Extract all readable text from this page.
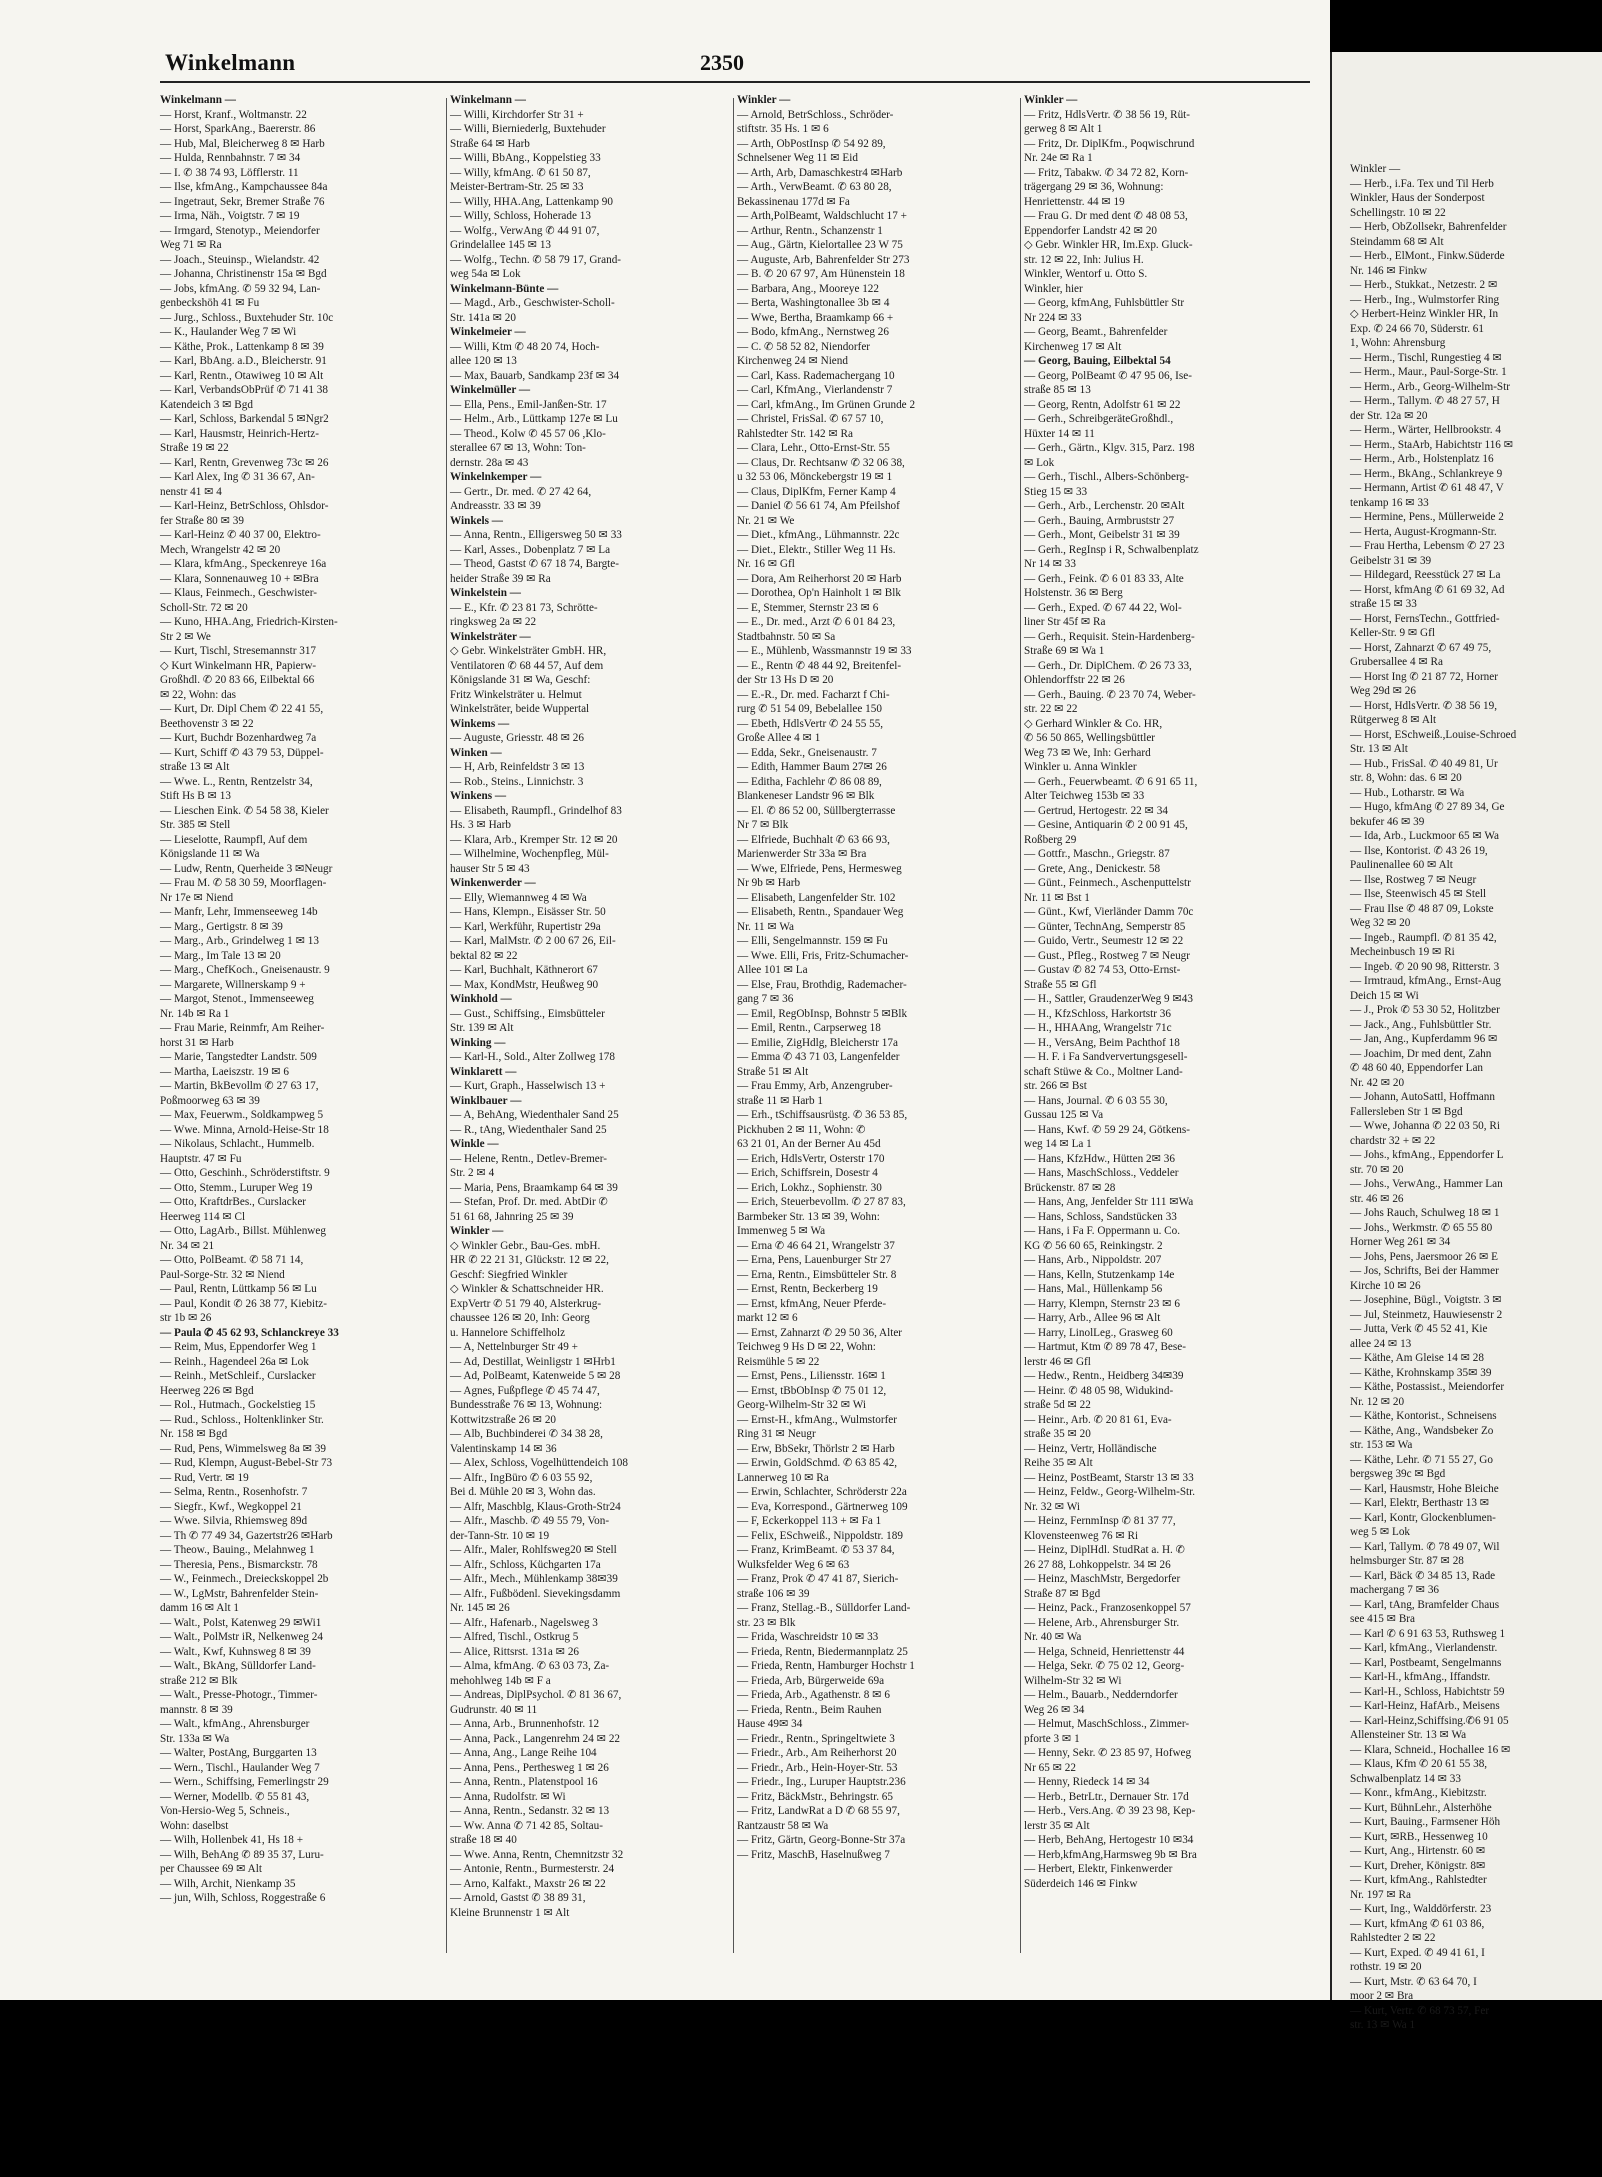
Winkelmann	2350
Winkelmann —
— Horst, Kranf., Woltmanstr. 22
— Horst, SparkAng., Baererstr. 86
— Hub, Mal, Bleicherweg 8 ✉ Harb
— Hulda, Rennbahnstr. 7 ✉ 34
— I. ✆ 38 74 93, Löfflerstr. 11
— Ilse, kfmAng., Kampchaussee 84a
— Ingetraut, Sekr, Bremer Straße 76
— Irma, Näh., Voigtstr. 7 ✉ 19
— Irmgard, Stenotyp., Meiendorfer
Weg 71 ✉ Ra
— Joach., Steuinsp., Wielandstr. 42
— Johanna, Christinenstr 15a ✉ Bgd
— Jobs, kfmAng. ✆ 59 32 94, Lan-
genbeckshöh 41 ✉ Fu
— Jurg., Schloss., Buxtehuder Str. 10c
— K., Haulander Weg 7 ✉ Wi
— Käthe, Prok., Lattenkamp 8 ✉ 39
— Karl, BbAng. a.D., Bleicherstr. 91
— Karl, Rentn., Otawiweg 10 ✉ Alt
— Karl, VerbandsObPrüf ✆ 71 41 38
Katendeich 3 ✉ Bgd
— Karl, Schloss, Barkendal 5 ✉Ngr2
— Karl, Hausmstr, Heinrich-Hertz-
Straße 19 ✉ 22
— Karl, Rentn, Grevenweg 73c ✉ 26
— Karl Alex, Ing ✆ 31 36 67, An-
nenstr 41 ✉ 4
— Karl-Heinz, BetrSchloss, Ohlsdor-
fer Straße 80 ✉ 39
— Karl-Heinz ✆ 40 37 00, Elektro-
Mech, Wrangelstr 42 ✉ 20
— Klara, kfmAng., Speckenreye 16a
— Klara, Sonnenauweg 10 + ✉Bra
— Klaus, Feinmech., Geschwister-
Scholl-Str. 72 ✉ 20
— Kuno, HHA.Ang, Friedrich-Kirsten-
Str 2 ✉ We
— Kurt, Tischl, Stresemannstr 317
◇ Kurt Winkelmann HR, Papierw-
Großhdl. ✆ 20 83 66, Eilbektal 66
✉ 22, Wohn: das
— Kurt, Dr. Dipl Chem ✆ 22 41 55,
Beethovenstr 3 ✉ 22
— Kurt, Buchdr Bozenhardweg 7a
— Kurt, Schiff ✆ 43 79 53, Düppel-
straße 13 ✉ Alt
— Wwe. L., Rentn, Rentzelstr 34,
Stift Hs B ✉ 13
— Lieschen Eink. ✆ 54 58 38, Kieler
Str. 385 ✉ Stell
— Lieselotte, Raumpfl, Auf dem
Königslande 11 ✉ Wa
— Ludw, Rentn, Querheide 3 ✉Neugr
— Frau M. ✆ 58 30 59, Moorflagen-
Nr 17e ✉ Niend
— Manfr, Lehr, Immenseeweg 14b
— Marg., Gertigstr. 8 ✉ 39
— Marg., Arb., Grindelweg 1 ✉ 13
— Marg., Im Tale 13 ✉ 20
— Marg., ChefKoch., Gneisenaustr. 9
— Margarete, Willnerskamp 9 +
— Margot, Stenot., Immenseeweg
Nr. 14b ✉ Ra 1
— Frau Marie, Reinmfr, Am Reiher-
horst 31 ✉ Harb
— Marie, Tangstedter Landstr. 509
— Martha, Laeiszstr. 19 ✉ 6
— Martin, BkBevollm ✆ 27 63 17,
Poßmoorweg 63 ✉ 39
— Max, Feuerwm., Soldkampweg 5
— Wwe. Minna, Arnold-Heise-Str 18
— Nikolaus, Schlacht., Hummelb.
Hauptstr. 47 ✉ Fu
— Otto, Geschinh., Schröderstiftstr. 9
— Otto, Stemm., Luruper Weg 19
— Otto, KraftdrBes., Curslacker
Heerweg 114 ✉ Cl
— Otto, LagArb., Billst. Mühlenweg
Nr. 34 ✉ 21
— Otto, PolBeamt. ✆ 58 71 14,
Paul-Sorge-Str. 32 ✉ Niend
— Paul, Rentn, Lüttkamp 56 ✉ Lu
— Paul, Kondit ✆ 26 38 77, Kiebitz-
str 1b ✉ 26
— Paula ✆ 45 62 93, Schlanckreye 33
— Reim, Mus, Eppendorfer Weg 1
— Reinh., Hagendeel 26a ✉ Lok
— Reinh., MetSchleif., Curslacker
Heerweg 226 ✉ Bgd
— Rol., Hutmach., Gockelstieg 15
— Rud., Schloss., Holtenklinker Str.
Nr. 158 ✉ Bgd
— Rud, Pens, Wimmelsweg 8a ✉ 39
— Rud, Klempn, August-Bebel-Str 73
— Rud, Vertr. ✉ 19
— Selma, Rentn., Rosenhofstr. 7
— Siegfr., Kwf., Wegkoppel 21
— Wwe. Silvia, Rhiemsweg 89d
— Th ✆ 77 49 34, Gazertstr26 ✉Harb
— Theow., Bauing., Melahnweg 1
— Theresia, Pens., Bismarckstr. 78
— W., Feinmech., Dreieckskoppel 2b
— W., LgMstr, Bahrenfelder Stein-
damm 16 ✉ Alt 1
— Walt., Polst, Katenweg 29 ✉Wi1
— Walt., PolMstr iR, Nelkenweg 24
— Walt., Kwf, Kuhnsweg 8 ✉ 39
— Walt., BkAng, Sülldorfer Land-
straße 212 ✉ Blk
— Walt., Presse-Photogr., Timmer-
mannstr. 8 ✉ 39
— Walt., kfmAng., Ahrensburger
Str. 133a ✉ Wa
— Walter, PostAng, Burggarten 13
— Wern., Tischl., Haulander Weg 7
— Wern., Schiffsing, Femerlingstr 29
— Werner, Modellb. ✆ 55 81 43,
Von-Hersio-Weg 5, Schneis.,
Wohn: daselbst
— Wilh, Hollenbek 41, Hs 18 +
— Wilh, BehAng ✆ 89 35 37, Luru-
per Chaussee 69 ✉ Alt
— Wilh, Archit, Nienkamp 35
— jun, Wilh, Schloss, Roggestraße 6
Winkelmann —
— Willi, Kirchdorfer Str 31 +
— Willi, Bierniederlg, Buxtehuder
Straße 64 ✉ Harb
— Willi, BbAng., Koppelstieg 33
— Willy, kfmAng. ✆ 61 50 87,
Meister-Bertram-Str. 25 ✉ 33
— Willy, HHA.Ang, Lattenkamp 90
— Willy, Schloss, Hoherade 13
— Wolfg., VerwAng ✆ 44 91 07,
Grindelallee 145 ✉ 13
— Wolfg., Techn. ✆ 58 79 17, Grand-
weg 54a ✉ Lok
Winkelmann-Bünte —
— Magd., Arb., Geschwister-Scholl-
Str. 141a ✉ 20
Winkelmeier —
— Willi, Ktm ✆ 48 20 74, Hoch-
allee 120 ✉ 13
— Max, Bauarb, Sandkamp 23f ✉ 34
Winkelmüller —
— Ella, Pens., Emil-Janßen-Str. 17
— Helm., Arb., Lüttkamp 127e ✉ Lu
— Theod., Kolw ✆ 45 57 06 ,Klo-
sterallee 67 ✉ 13, Wohn: Ton-
dernstr. 28a ✉ 43
Winkelnkemper —
— Gertr., Dr. med. ✆ 27 42 64,
Andreasstr. 33 ✉ 39
Winkels —
— Anna, Rentn., Elligersweg 50 ✉ 33
— Karl, Asses., Dobenplatz 7 ✉ La
— Theod, Gastst ✆ 67 18 74, Bargte-
heider Straße 39 ✉ Ra
Winkelstein —
— E., Kfr. ✆ 23 81 73, Schrötte-
ringksweg 2a ✉ 22
Winkelsträter —
◇ Gebr. Winkelsträter GmbH. HR,
Ventilatoren ✆ 68 44 57, Auf dem
Königslande 31 ✉ Wa, Geschf:
Fritz Winkelsträter u. Helmut
Winkelsträter, beide Wuppertal
Winkems —
— Auguste, Griesstr. 48 ✉ 26
Winken —
— H, Arb, Reinfeldstr 3 ✉ 13
— Rob., Steins., Linnichstr. 3
Winkens —
— Elisabeth, Raumpfl., Grindelhof 83
Hs. 3 ✉ Harb
— Klara, Arb., Kremper Str. 12 ✉ 20
— Wilhelmine, Wochenpfleg, Mül-
hauser Str 5 ✉ 43
Winkenwerder —
— Elly, Wiemannweg 4 ✉ Wa
— Hans, Klempn., Eisässer Str. 50
— Karl, Werkführ, Rupertistr 29a
— Karl, MalMstr. ✆ 2 00 67 26, Eil-
bektal 82 ✉ 22
— Karl, Buchhalt, Käthnerort 67
— Max, KondMstr, Heußweg 90
Winkhold —
— Gust., Schiffsing., Eimsbütteler
Str. 139 ✉ Alt
Winking —
— Karl-H., Sold., Alter Zollweg 178
Winklarett —
— Kurt, Graph., Hasselwisch 13 +
Winklbauer —
— A, BehAng, Wiedenthaler Sand 25
— R., tAng, Wiedenthaler Sand 25
Winkle —
— Helene, Rentn., Detlev-Bremer-
Str. 2 ✉ 4
— Maria, Pens, Braamkamp 64 ✉ 39
— Stefan, Prof. Dr. med. AbtDir ✆
51 61 68, Jahnring 25 ✉ 39
Winkler —
◇ Winkler Gebr., Bau-Ges. mbH.
HR ✆ 22 21 31, Glückstr. 12 ✉ 22,
Geschf: Siegfried Winkler
◇ Winkler & Schattschneider HR.
ExpVertr ✆ 51 79 40, Alsterkrug-
chaussee 126 ✉ 20, Inh: Georg
u. Hannelore Schiffelholz
— A, Nettelnburger Str 49 +
— Ad, Destillat, Weinligstr 1 ✉Hrb1
— Ad, PolBeamt, Katenweide 5 ✉ 28
— Agnes, Fußpflege ✆ 45 74 47,
Bundesstraße 76 ✉ 13, Wohnung:
Kottwitzstraße 26 ✉ 20
— Alb, Buchbinderei ✆ 34 38 28,
Valentinskamp 14 ✉ 36
— Alex, Schloss, Vogelhüttendeich 108
— Alfr., IngBüro ✆ 6 03 55 92,
Bei d. Mühle 20 ✉ 3, Wohn das.
— Alfr, Maschblg, Klaus-Groth-Str24
— Alfr., Maschb. ✆ 49 55 79, Von-
der-Tann-Str. 10 ✉ 19
— Alfr., Maler, Rohlfsweg20 ✉ Stell
— Alfr., Schloss, Küchgarten 17a
— Alfr., Mech., Mühlenkamp 38✉39
— Alfr., Fußbödenl. Sievekingsdamm
Nr. 145 ✉ 26
— Alfr., Hafenarb., Nagelsweg 3
— Alfred, Tischl., Ostkrug 5
— Alice, Rittsrst. 131a ✉ 26
— Alma, kfmAng. ✆ 63 03 73, Za-
mehohlweg 14b ✉ F a
— Andreas, DiplPsychol. ✆ 81 36 67,
Gudrunstr. 40 ✉ 11
— Anna, Arb., Brunnenhofstr. 12
— Anna, Pack., Langenrehm 24 ✉ 22
— Anna, Ang., Lange Reihe 104
— Anna, Pens., Perthesweg 1 ✉ 26
— Anna, Rentn., Platenstpool 16
— Anna, Rudolfstr. ✉ Wi
— Anna, Rentn., Sedanstr. 32 ✉ 13
— Ww. Anna ✆ 71 42 85, Soltau-
straße 18 ✉ 40
— Wwe. Anna, Rentn, Chemnitzstr 32
— Antonie, Rentn., Burmesterstr. 24
— Arno, Kalfakt., Maxstr 26 ✉ 22
— Arnold, Gastst ✆ 38 89 31,
Kleine Brunnenstr 1 ✉ Alt
Winkler —
— Arnold, BetrSchloss., Schröder-
stiftstr. 35 Hs. 1 ✉ 6
— Arth, ObPostInsp ✆ 54 92 89,
Schnelsener Weg 11 ✉ Eid
— Arth, Arb, Damaschkestr4 ✉Harb
— Arth., VerwBeamt. ✆ 63 80 28,
Bekassinenau 177d ✉ Fa
— Arth,PolBeamt, Waldschlucht 17 +
— Arthur, Rentn., Schanzenstr 1
— Aug., Gärtn, Kielortallee 23 W 75
— Auguste, Arb, Bahrenfelder Str 273
— B. ✆ 20 67 97, Am Hünenstein 18
— Barbara, Ang., Mooreye 122
— Berta, Washingtonallee 3b ✉ 4
— Wwe, Bertha, Braamkamp 66 +
— Bodo, kfmAng., Nernstweg 26
— C. ✆ 58 52 82, Niendorfer
Kirchenweg 24 ✉ Niend
— Carl, Kass. Rademachergang 10
— Carl, KfmAng., Vierlandenstr 7
— Carl, kfmAng., Im Grünen Grunde 2
— Christel, FrisSal. ✆ 67 57 10,
Rahlstedter Str. 142 ✉ Ra
— Clara, Lehr., Otto-Ernst-Str. 55
— Claus, Dr. Rechtsanw ✆ 32 06 38,
u 32 53 06, Mönckebergstr 19 ✉ 1
— Claus, DiplKfm, Ferner Kamp 4
— Daniel ✆ 56 61 74, Am Pfeilshof
Nr. 21 ✉ We
— Diet., kfmAng., Lühmannstr. 22c
— Diet., Elektr., Stiller Weg 11 Hs.
Nr. 16 ✉ Gfl
— Dora, Am Reiherhorst 20 ✉ Harb
— Dorothea, Op'n Hainholt 1 ✉ Blk
— E, Stemmer, Sternstr 23 ✉ 6
— E., Dr. med., Arzt ✆ 6 01 84 23,
Stadtbahnstr. 50 ✉ Sa
— E., Mühlenb, Wassmannstr 19 ✉ 33
— E., Rentn ✆ 48 44 92, Breitenfel-
der Str 13 Hs D ✉ 20
— E.-R., Dr. med. Facharzt f Chi-
rurg ✆ 51 54 09, Bebelallee 150
— Ebeth, HdlsVertr ✆ 24 55 55,
Große Allee 4 ✉ 1
— Edda, Sekr., Gneisenaustr. 7
— Edith, Hammer Baum 27✉ 26
— Editha, Fachlehr ✆ 86 08 89,
Blankeneser Landstr 96 ✉ Blk
— El. ✆ 86 52 00, Süllbergterrasse
Nr 7 ✉ Blk
— Elfriede, Buchhalt ✆ 63 66 93,
Marienwerder Str 33a ✉ Bra
— Wwe, Elfriede, Pens, Hermesweg
Nr 9b ✉ Harb
— Elisabeth, Langenfelder Str. 102
— Elisabeth, Rentn., Spandauer Weg
Nr. 11 ✉ Wa
— Elli, Sengelmannstr. 159 ✉ Fu
— Wwe. Elli, Fris, Fritz-Schumacher-
Allee 101 ✉ La
— Else, Frau, Brothdig, Rademacher-
gang 7 ✉ 36
— Emil, RegObInsp, Bohnstr 5 ✉Blk
— Emil, Rentn., Carpserweg 18
— Emilie, ZigHdlg, Bleicherstr 17a
— Emma ✆ 43 71 03, Langenfelder
Straße 51 ✉ Alt
— Frau Emmy, Arb, Anzengruber-
straße 11 ✉ Harb 1
— Erh., tSchiffsausrüstg. ✆ 36 53 85,
Pickhuben 2 ✉ 11, Wohn: ✆
63 21 01, An der Berner Au 45d
— Erich, HdlsVertr, Osterstr 170
— Erich, Schiffsrein, Dosestr 4
— Erich, Lokhz., Sophienstr. 30
— Erich, Steuerbevollm. ✆ 27 87 83,
Barmbeker Str. 13 ✉ 39, Wohn:
Immenweg 5 ✉ Wa
— Erna ✆ 46 64 21, Wrangelstr 37
— Erna, Pens, Lauenburger Str 27
— Erna, Rentn., Eimsbütteler Str. 8
— Ernst, Rentn, Beckerberg 19
— Ernst, kfmAng, Neuer Pferde-
markt 12 ✉ 6
— Ernst, Zahnarzt ✆ 29 50 36, Alter
Teichweg 9 Hs D ✉ 22, Wohn:
Reismühle 5 ✉ 22
— Ernst, Pens., Liliensstr. 16✉ 1
— Ernst, tBbObInsp ✆ 75 01 12,
Georg-Wilhelm-Str 32 ✉ Wi
— Ernst-H., kfmAng., Wulmstorfer
Ring 31 ✉ Neugr
— Erw, BbSekr, Thörlstr 2 ✉ Harb
— Erwin, GoldSchmd. ✆ 63 85 42,
Lannerweg 10 ✉ Ra
— Erwin, Schlachter, Schröderstr 22a
— Eva, Korrespond., Gärtnerweg 109
— F, Eckerkoppel 113 + ✉ Fa 1
— Felix, ESchweiß., Nippoldstr. 189
— Franz, KrimBeamt. ✆ 53 37 84,
Wulksfelder Weg 6 ✉ 63
— Franz, Prok ✆ 47 41 87, Sierich-
straße 106 ✉ 39
— Franz, Stellag.-B., Sülldorfer Land-
str. 23 ✉ Blk
— Frida, Waschreidstr 10 ✉ 33
— Frieda, Rentn, Biedermannplatz 25
— Frieda, Rentn, Hamburger Hochstr 1
— Frieda, Arb, Bürgerweide 69a
— Frieda, Arb., Agathenstr. 8 ✉ 6
— Frieda, Rentn., Beim Rauhen
Hause 49✉ 34
— Friedr., Rentn., Springeltwiete 3
— Friedr., Arb., Am Reiherhorst 20
— Friedr., Arb., Hein-Hoyer-Str. 53
— Friedr., Ing., Luruper Hauptstr.236
— Fritz, BäckMstr., Behringstr. 65
— Fritz, LandwRat a D ✆ 68 55 97,
Rantzaustr 58 ✉ Wa
— Fritz, Gärtn, Georg-Bonne-Str 37a
— Fritz, MaschB, Haselnußweg 7
Winkler —
— Fritz, HdlsVertr. ✆ 38 56 19, Rüt-
gerweg 8 ✉ Alt 1
— Fritz, Dr. DiplKfm., Poqwischrund
Nr. 24e ✉ Ra 1
— Fritz, Tabakw. ✆ 34 72 82, Korn-
trägergang 29 ✉ 36, Wohnung:
Henriettenstr. 44 ✉ 19
— Frau G. Dr med dent ✆ 48 08 53,
Eppendorfer Landstr 42 ✉ 20
◇ Gebr. Winkler HR, Im.Exp. Gluck-
str. 12 ✉ 22, Inh: Julius H.
Winkler, Wentorf u. Otto S.
Winkler, hier
— Georg, kfmAng, Fuhlsbüttler Str
Nr 224 ✉ 33
— Georg, Beamt., Bahrenfelder
Kirchenweg 17 ✉ Alt
— Georg, Bauing, Eilbektal 54
— Georg, PolBeamt ✆ 47 95 06, Ise-
straße 85 ✉ 13
— Georg, Rentn, Adolfstr 61 ✉ 22
— Gerh., SchreibgeräteGroßhdl.,
Hüxter 14 ✉ 11
— Gerh., Gärtn., Klgv. 315, Parz. 198
✉ Lok
— Gerh., Tischl., Albers-Schönberg-
Stieg 15 ✉ 33
— Gerh., Arb., Lerchenstr. 20 ✉Alt
— Gerh., Bauing, Armbruststr 27
— Gerh., Mont, Geibelstr 31 ✉ 39
— Gerh., RegInsp i R, Schwalbenplatz
Nr 14 ✉ 33
— Gerh., Feink. ✆ 6 01 83 33, Alte
Holstenstr. 36 ✉ Berg
— Gerh., Exped. ✆ 67 44 22, Wol-
liner Str 45f ✉ Ra
— Gerh., Requisit. Stein-Hardenberg-
Straße 69 ✉ Wa 1
— Gerh., Dr. DiplChem. ✆ 26 73 33,
Ohlendorffstr 22 ✉ 26
— Gerh., Bauing. ✆ 23 70 74, Weber-
str. 22 ✉ 22
◇ Gerhard Winkler & Co. HR,
✆ 56 50 865, Wellingsbüttler
Weg 73 ✉ We, Inh: Gerhard
Winkler u. Anna Winkler
— Gerh., Feuerwbeamt. ✆ 6 91 65 11,
Alter Teichweg 153b ✉ 33
— Gertrud, Hertogestr. 22 ✉ 34
— Gesine, Antiquarin ✆ 2 00 91 45,
Roßberg 29
— Gottfr., Maschn., Griegstr. 87
— Grete, Ang., Denickestr. 58
— Günt., Feinmech., Aschenputtelstr
Nr. 11 ✉ Bst 1
— Günt., Kwf, Vierländer Damm 70c
— Günter, TechnAng, Semperstr 85
— Guido, Vertr., Seumestr 12 ✉ 22
— Gust., Pfleg., Rostweg 7 ✉ Neugr
— Gustav ✆ 82 74 53, Otto-Ernst-
Straße 55 ✉ Gfl
— H., Sattler, GraudenzerWeg 9 ✉43
— H., KfzSchloss, Harkortstr 36
— H., HHAAng, Wrangelstr 71c
— H., VersAng, Beim Pachthof 18
— H. F. i Fa Sandververtungsgesell-
schaft Stüwe & Co., Moltner Land-
str. 266 ✉ Bst
— Hans, Journal. ✆ 6 03 55 30,
Gussau 125 ✉ Va
— Hans, Kwf. ✆ 59 29 24, Götkens-
weg 14 ✉ La 1
— Hans, KfzHdw., Hütten 2✉ 36
— Hans, MaschSchloss., Veddeler
Brückenstr. 87 ✉ 28
— Hans, Ang, Jenfelder Str 111 ✉Wa
— Hans, Schloss, Sandstücken 33
— Hans, i Fa F. Oppermann u. Co.
KG ✆ 56 60 65, Reinkingstr. 2
— Hans, Arb., Nippoldstr. 207
— Hans, Kelln, Stutzenkamp 14e
— Hans, Mal., Hüllenkamp 56
— Harry, Klempn, Sternstr 23 ✉ 6
— Harry, Arb., Allee 96 ✉ Alt
— Harry, LinolLeg., Grasweg 60
— Hartmut, Ktm ✆ 89 78 47, Bese-
lerstr 46 ✉ Gfl
— Hedw., Rentn., Heidberg 34✉39
— Heinr. ✆ 48 05 98, Widukind-
straße 5d ✉ 22
— Heinr., Arb. ✆ 20 81 61, Eva-
straße 35 ✉ 20
— Heinz, Vertr, Holländische
Reihe 35 ✉ Alt
— Heinz, PostBeamt, Starstr 13 ✉ 33
— Heinz, Feldw., Georg-Wilhelm-Str.
Nr. 32 ✉ Wi
— Heinz, FernmInsp ✆ 81 37 77,
Klovensteenweg 76 ✉ Ri
— Heinz, DiplHdl. StudRat a. H. ✆
26 27 88, Lohkoppelstr. 34 ✉ 26
— Heinz, MaschMstr, Bergedorfer
Straße 87 ✉ Bgd
— Heinz, Pack., Franzosenkoppel 57
— Helene, Arb., Ahrensburger Str.
Nr. 40 ✉ Wa
— Helga, Schneid, Henriettenstr 44
— Helga, Sekr. ✆ 75 02 12, Georg-
Wilhelm-Str 32 ✉ Wi
— Helm., Bauarb., Nedderndorfer
Weg 26 ✉ 34
— Helmut, MaschSchloss., Zimmer-
pforte 3 ✉ 1
— Henny, Sekr. ✆ 23 85 97, Hofweg
Nr 65 ✉ 22
— Henny, Riedeck 14 ✉ 34
— Herb., BetrLtr., Dernauer Str. 17d
— Herb., Vers.Ang. ✆ 39 23 98, Kep-
lerstr 35 ✉ Alt
— Herb, BehAng, Hertogestr 10 ✉34
— Herb,kfmAng,Harmsweg 9b ✉ Bra
— Herbert, Elektr, Finkenwerder
Süderdeich 146 ✉ Finkw
Winkler —
— Herb., i.Fa. Tex und Til Herb
Winkler, Haus der Sonderpost
Schellingstr. 10 ✉ 22
— Herb, ObZollsekr, Bahrenfelder
Steindamm 68 ✉ Alt
— Herb., ElMont., Finkw.Süderde
Nr. 146 ✉ Finkw
— Herb., Stukkat., Netzestr. 2 ✉
— Herb., Ing., Wulmstorfer Ring
◇ Herbert-Heinz Winkler HR, In
Exp. ✆ 24 66 70, Süderstr. 61
1, Wohn: Ahrensburg
— Herm., Tischl, Rungestieg 4 ✉
— Herm., Maur., Paul-Sorge-Str. 1
— Herm., Arb., Georg-Wilhelm-Str
— Herm., Tallym. ✆ 48 27 57, H
der Str. 12a ✉ 20
— Herm., Wärter, Hellbrookstr. 4
— Herm., StaArb, Habichtstr 116 ✉
— Herm., Arb., Holstenplatz 16
— Herm., BkAng., Schlankreye 9
— Hermann, Artist ✆ 61 48 47, V
tenkamp 16 ✉ 33
— Hermine, Pens., Müllerweide 2
— Herta, August-Krogmann-Str.
— Frau Hertha, Lebensm ✆ 27 23
Geibelstr 31 ✉ 39
— Hildegard, Reesstück 27 ✉ La
— Horst, kfmAng ✆ 61 69 32, Ad
straße 15 ✉ 33
— Horst, FernsTechn., Gottfried-
Keller-Str. 9 ✉ Gfl
— Horst, Zahnarzt ✆ 67 49 75,
Grubersallee 4 ✉ Ra
— Horst Ing ✆ 21 87 72, Horner
Weg 29d ✉ 26
— Horst, HdlsVertr. ✆ 38 56 19,
Rütgerweg 8 ✉ Alt
— Horst, ESchweiß.,Louise-Schroed
Str. 13 ✉ Alt
— Hub., FrisSal. ✆ 40 49 81, Ur
str. 8, Wohn: das. 6 ✉ 20
— Hub., Lotharstr. ✉ Wa
— Hugo, kfmAng ✆ 27 89 34, Ge
bekufer 46 ✉ 39
— Ida, Arb., Luckmoor 65 ✉ Wa
— Ilse, Kontorist. ✆ 43 26 19,
Paulinenallee 60 ✉ Alt
— Ilse, Rostweg 7 ✉ Neugr
— Ilse, Steenwisch 45 ✉ Stell
— Frau Ilse ✆ 48 87 09, Lokste
Weg 32 ✉ 20
— Ingeb., Raumpfl. ✆ 81 35 42,
Mecheinbusch 19 ✉ Ri
— Ingeb. ✆ 20 90 98, Ritterstr. 3
— Irmtraud, kfmAng., Ernst-Aug
Deich 15 ✉ Wi
— J., Prok ✆ 53 30 52, Holitzber
— Jack., Ang., Fuhlsbüttler Str.
— Jan, Ang., Kupferdamm 96 ✉
— Joachim, Dr med dent, Zahn
✆ 48 60 40, Eppendorfer Lan
Nr. 42 ✉ 20
— Johann, AutoSattl, Hoffmann
Fallersleben Str 1 ✉ Bgd
— Wwe, Johanna ✆ 22 03 50, Ri
chardstr 32 + ✉ 22
— Johs., kfmAng., Eppendorfer L
str. 70 ✉ 20
— Johs., VerwAng., Hammer Lan
str. 46 ✉ 26
— Johs Rauch, Schulweg 18 ✉ 1
— Johs., Werkmstr. ✆ 65 55 80
Horner Weg 261 ✉ 34
— Johs, Pens, Jaersmoor 26 ✉ E
— Jos, Schrifts, Bei der Hammer
Kirche 10 ✉ 26
— Josephine, Bügl., Voigtstr. 3 ✉
— Jul, Steinmetz, Hauwiesenstr 2
— Jutta, Verk ✆ 45 52 41, Kie
allee 24 ✉ 13
— Käthe, Am Gleise 14 ✉ 28
— Käthe, Krohnskamp 35✉ 39
— Käthe, Postassist., Meiendorfer
Nr. 12 ✉ 20
— Käthe, Kontorist., Schneisens
— Käthe, Ang., Wandsbeker Zo
str. 153 ✉ Wa
— Käthe, Lehr. ✆ 71 55 27, Go
bergsweg 39c ✉ Bgd
— Karl, Hausmstr, Hohe Bleiche
— Karl, Elektr, Berthastr 13 ✉
— Karl, Kontr, Glockenblumen-
weg 5 ✉ Lok
— Karl, Tallym. ✆ 78 49 07, Wil
helmsburger Str. 87 ✉ 28
— Karl, Bäck ✆ 34 85 13, Rade
machergang 7 ✉ 36
— Karl, tAng, Bramfelder Chaus
see 415 ✉ Bra
— Karl ✆ 6 91 63 53, Ruthsweg 1
— Karl, kfmAng., Vierlandenstr.
— Karl, Postbeamt, Sengelmanns
— Karl-H., kfmAng., Iffandstr.
— Karl-H., Schloss, Habichtstr 59
— Karl-Heinz, HafArb., Meisens
— Karl-Heinz,Schiffsing.✆6 91 05
Allensteiner Str. 13 ✉ Wa
— Klara, Schneid., Hochallee 16 ✉
— Klaus, Kfm ✆ 20 61 55 38,
Schwalbenplatz 14 ✉ 33
— Konr., kfmAng., Kiebitzstr.
— Kurt, BühnLehr., Alsterhöhe
— Kurt, Bauing., Farmsener Höh
— Kurt, ✉RB., Hessenweg 10
— Kurt, Ang., Hirtenstr. 60 ✉
— Kurt, Dreher, Königstr. 8✉
— Kurt, kfmAng., Rahlstedter
Nr. 197 ✉ Ra
— Kurt, Ing., Walddörferstr. 23
— Kurt, kfmAng ✆ 61 03 86,
Rahlstedter 2 ✉ 22
— Kurt, Exped. ✆ 49 41 61, I
rothstr. 19 ✉ 20
— Kurt, Mstr. ✆ 63 64 70, I
moor 2 ✉ Bra
— Kurt, Vertr. ✆ 68 73 57, Fer
str. 13 ✉ Wa 1
